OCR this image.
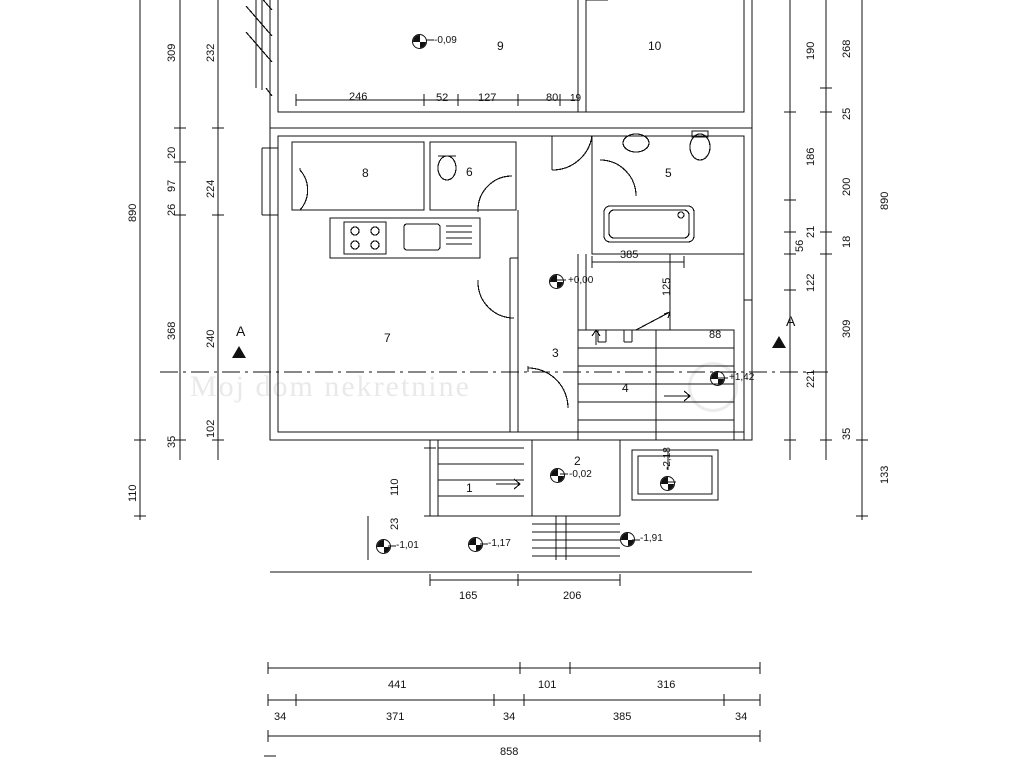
Moj dom nekretnine
A
A
1
2
3
4
5
6
7
8
9	10
-0,09
+0,00
+1,42
-0,02
-2,18
-1,01	-1,17	-1,91
246	52	127	80 19
385
88
125
890
110
309
26
97
20
368
35
232
224
240
102
890
133
268
25
200
18
309
35
190
186
21
56
122
221
110
23
165	206
441	101	316
34	371	34	385	34
858
